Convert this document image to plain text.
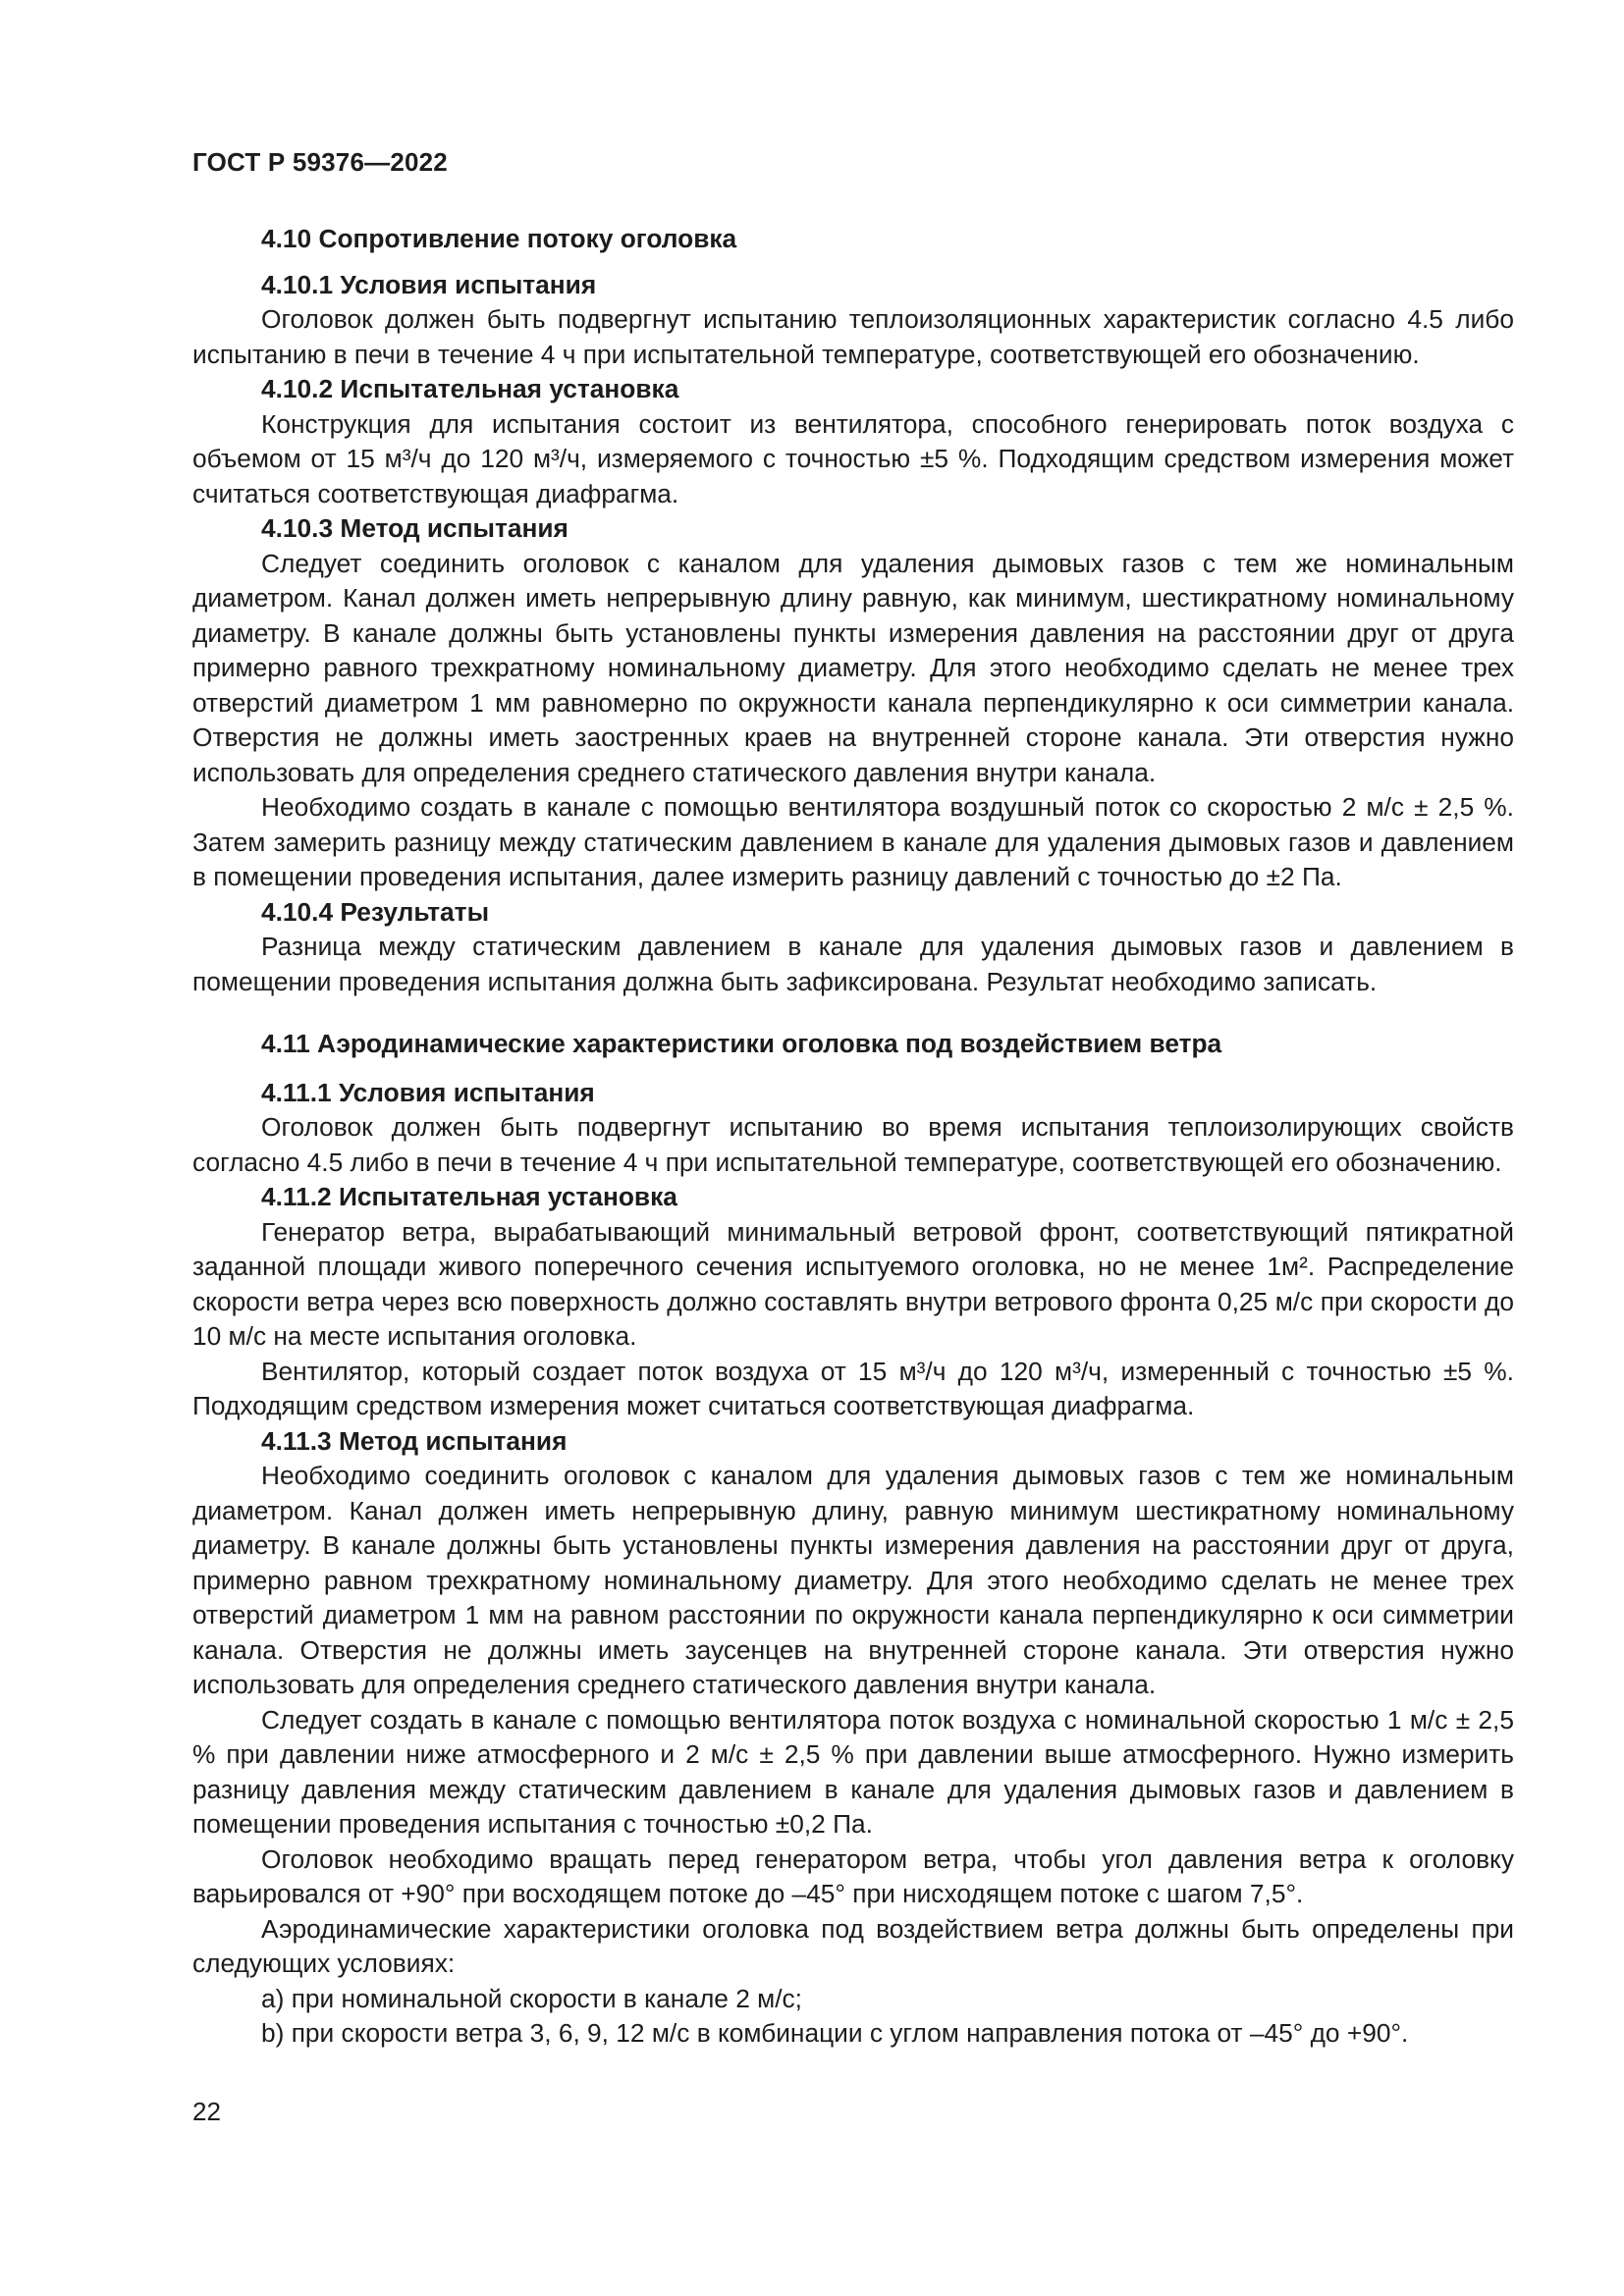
ГОСТ Р 59376—2022

4.10 Сопротивление потоку оголовка

4.10.1 Условия испытания

Оголовок должен быть подвергнут испытанию теплоизоляционных характеристик согласно 4.5 либо испытанию в печи в течение 4 ч при испытательной температуре, соответствующей его обозначению.

4.10.2 Испытательная установка

Конструкция для испытания состоит из вентилятора, способного генерировать поток воздуха с объемом от 15 м³/ч до 120 м³/ч, измеряемого с точностью ±5 %. Подходящим средством измерения может считаться соответствующая диафрагма.

4.10.3 Метод испытания

Следует соединить оголовок с каналом для удаления дымовых газов с тем же номинальным диаметром. Канал должен иметь непрерывную длину равную, как минимум, шестикратному номинальному диаметру. В канале должны быть установлены пункты измерения давления на расстоянии друг от друга примерно равного трехкратному номинальному диаметру. Для этого необходимо сделать не менее трех отверстий диаметром 1 мм равномерно по окружности канала перпендикулярно к оси симметрии канала. Отверстия не должны иметь заостренных краев на внутренней стороне канала. Эти отверстия нужно использовать для определения среднего статического давления внутри канала.

Необходимо создать в канале с помощью вентилятора воздушный поток со скоростью 2 м/с ± 2,5 %. Затем замерить разницу между статическим давлением в канале для удаления дымовых газов и давлением в помещении проведения испытания, далее измерить разницу давлений с точностью до ±2 Па.

4.10.4 Результаты

Разница между статическим давлением в канале для удаления дымовых газов и давлением в помещении проведения испытания должна быть зафиксирована. Результат необходимо записать.

4.11 Аэродинамические характеристики оголовка под воздействием ветра

4.11.1 Условия испытания

Оголовок должен быть подвергнут испытанию во время испытания теплоизолирующих свойств согласно 4.5 либо в печи в течение 4 ч при испытательной температуре, соответствующей его обозначению.

4.11.2 Испытательная установка

Генератор ветра, вырабатывающий минимальный ветровой фронт, соответствующий пятикратной заданной площади живого поперечного сечения испытуемого оголовка, но не менее 1м². Распределение скорости ветра через всю поверхность должно составлять внутри ветрового фронта 0,25 м/с при скорости до 10 м/с на месте испытания оголовка.

Вентилятор, который создает поток воздуха от 15 м³/ч до 120 м³/ч, измеренный с точностью ±5 %. Подходящим средством измерения может считаться соответствующая диафрагма.

4.11.3 Метод испытания

Необходимо соединить оголовок с каналом для удаления дымовых газов с тем же номинальным диаметром. Канал должен иметь непрерывную длину, равную минимум шестикратному номинальному диаметру. В канале должны быть установлены пункты измерения давления на расстоянии друг от друга, примерно равном трехкратному номинальному диаметру. Для этого необходимо сделать не менее трех отверстий диаметром 1 мм на равном расстоянии по окружности канала перпендикулярно к оси симметрии канала. Отверстия не должны иметь заусенцев на внутренней стороне канала. Эти отверстия нужно использовать для определения среднего статического давления внутри канала.

Следует создать в канале с помощью вентилятора поток воздуха с номинальной скоростью 1 м/с ± 2,5 % при давлении ниже атмосферного и 2 м/с ± 2,5 % при давлении выше атмосферного. Нужно измерить разницу давления между статическим давлением в канале для удаления дымовых газов и давлением в помещении проведения испытания с точностью ±0,2 Па.

Оголовок необходимо вращать перед генератором ветра, чтобы угол давления ветра к оголовку варьировался от +90° при восходящем потоке до –45° при нисходящем потоке с шагом 7,5°.

Аэродинамические характеристики оголовка под воздействием ветра должны быть определены при следующих условиях:

a) при номинальной скорости в канале 2 м/с;

b) при скорости ветра 3, 6, 9, 12 м/с в комбинации с углом направления потока от –45° до +90°.

22
